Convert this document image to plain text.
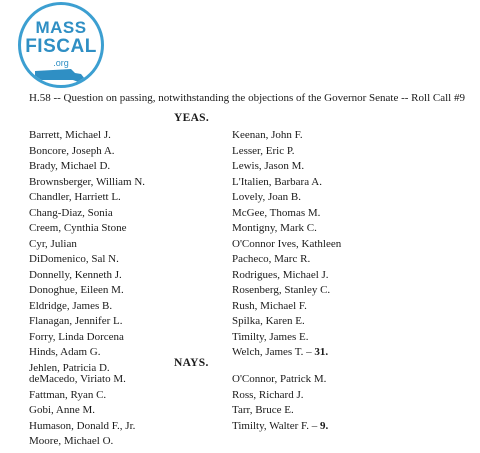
MASS
FISCAL
.org
H.58 -- Question on passing, notwithstanding the objections of the Governor Senate -- Roll Call #9
YEAS.
Barrett, Michael J.
Boncore, Joseph A.
Brady, Michael D.
Brownsberger, William N.
Chandler, Harriett L.
Chang-Diaz, Sonia
Creem, Cynthia Stone
Cyr, Julian
DiDomenico, Sal N.
Donnelly, Kenneth J.
Donoghue, Eileen M.
Eldridge, James B.
Flanagan, Jennifer L.
Forry, Linda Dorcena
Hinds, Adam G.
Jehlen, Patricia D.
Keenan, John F.
Lesser, Eric P.
Lewis, Jason M.
L'Italien, Barbara A.
Lovely, Joan B.
McGee, Thomas M.
Montigny, Mark C.
O'Connor Ives, Kathleen
Pacheco, Marc R.
Rodrigues, Michael J.
Rosenberg, Stanley C.
Rush, Michael F.
Spilka, Karen E.
Timilty, James E.
Welch, James T. – 31.
NAYS.
deMacedo, Viriato M.
Fattman, Ryan C.
Gobi, Anne M.
Humason, Donald F., Jr.
Moore, Michael O.
O'Connor, Patrick M.
Ross, Richard J.
Tarr, Bruce E.
Timilty, Walter F. – 9.
